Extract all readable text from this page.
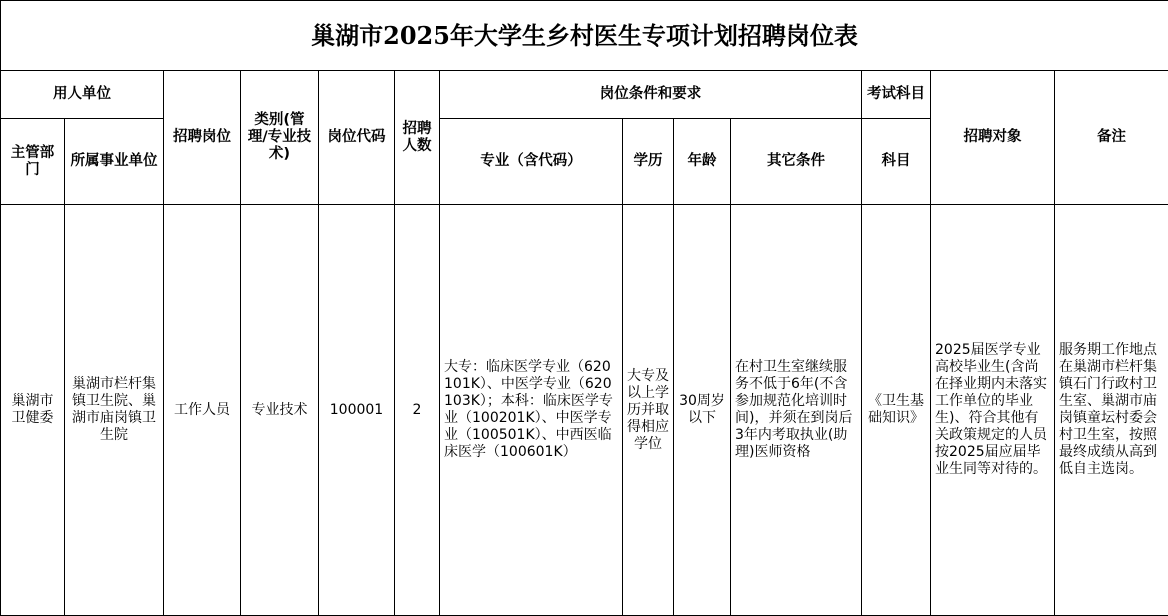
巢湖市2025年大学生乡村医生专项计划招聘岗位表												
用人单位		招聘岗位	类别(管理/专业技术)	岗位代码	招聘人数	岗位条件和要求				考试科目	招聘对象	备注
主管部门	所属事业单位					专业（含代码）	学历	年龄	其它条件	科目		
巢湖市卫健委	巢湖市栏杆集镇卫生院、巢湖市庙岗镇卫生院	工作人员	专业技术	100001	2	大专：临床医学专业（620101K）、中医学专业（620103K）；本科：临床医学专业（100201K）、中医学专业（100501K）、中西医临床医学（100601K）	大专及以上学历并取得相应学位	30周岁以下	在村卫生室继续服务不低于6年(不含参加规范化培训时间)，并须在到岗后3年内考取执业(助理)医师资格	《卫生基础知识》	2025届医学专业高校毕业生(含尚在择业期内未落实工作单位的毕业生)、符合其他有关政策规定的人员按2025届应届毕业生同等对待的。	服务期工作地点在巢湖市栏杆集镇石门行政村卫生室、巢湖市庙岗镇童坛村委会村卫生室，按照最终成绩从高到低自主选岗。
